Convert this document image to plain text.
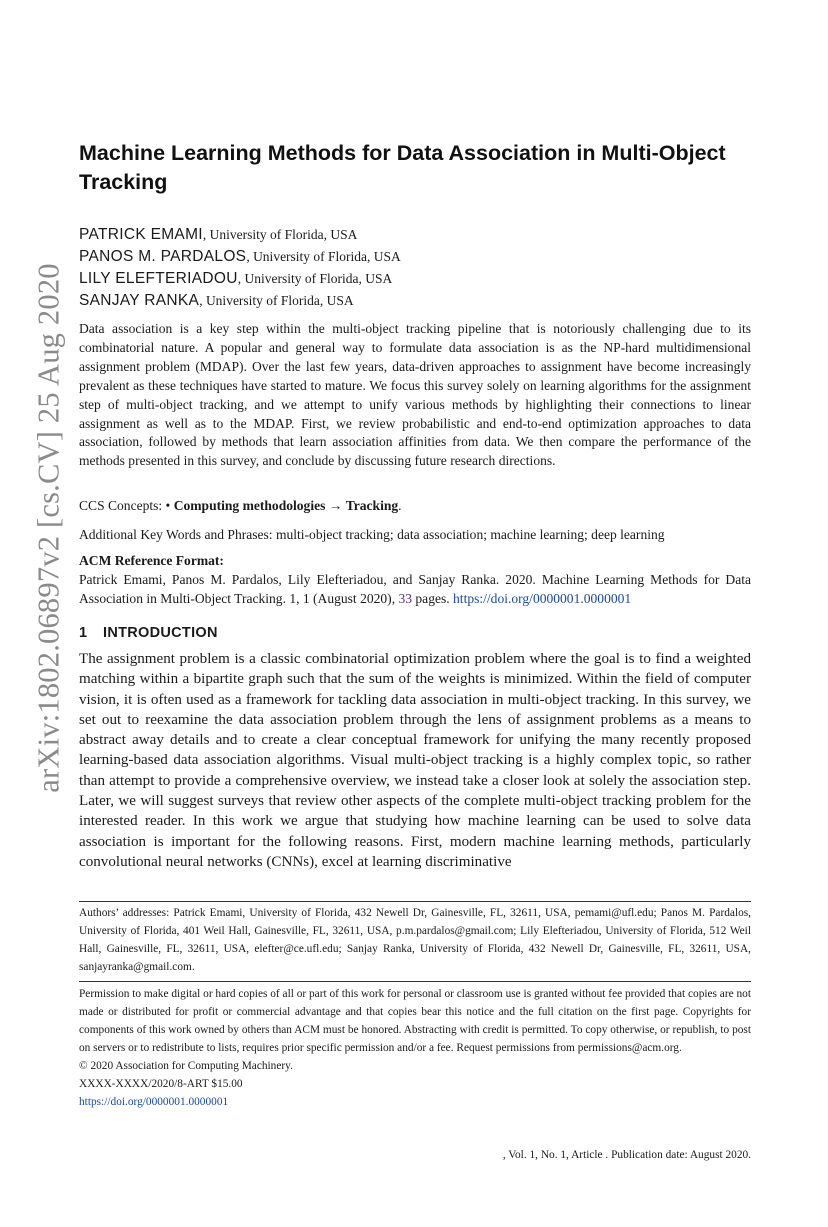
arXiv:1802.06897v2 [cs.CV] 25 Aug 2020
Machine Learning Methods for Data Association in Multi-Object Tracking
PATRICK EMAMI, University of Florida, USA
PANOS M. PARDALOS, University of Florida, USA
LILY ELEFTERIADOU, University of Florida, USA
SANJAY RANKA, University of Florida, USA

Data association is a key step within the multi-object tracking pipeline that is notoriously challenging due to its combinatorial nature. A popular and general way to formulate data association is as the NP-hard multidimensional assignment problem (MDAP). Over the last few years, data-driven approaches to assignment have become increasingly prevalent as these techniques have started to mature. We focus this survey solely on learning algorithms for the assignment step of multi-object tracking, and we attempt to unify various methods by highlighting their connections to linear assignment as well as to the MDAP. First, we review probabilistic and end-to-end optimization approaches to data association, followed by methods that learn association affinities from data. We then compare the performance of the methods presented in this survey, and conclude by discussing future research directions.

CCS Concepts: • Computing methodologies → Tracking.
Additional Key Words and Phrases: multi-object tracking; data association; machine learning; deep learning
ACM Reference Format:

Patrick Emami, Panos M. Pardalos, Lily Elefteriadou, and Sanjay Ranka. 2020. Machine Learning Methods for Data Association in Multi-Object Tracking. 1, 1 (August 2020), 33 pages. https://doi.org/0000001.0000001

1 INTRODUCTION

The assignment problem is a classic combinatorial optimization problem where the goal is to find a weighted matching within a bipartite graph such that the sum of the weights is minimized. Within the field of computer vision, it is often used as a framework for tackling data association in multi-object tracking. In this survey, we set out to reexamine the data association problem through the lens of assignment problems as a means to abstract away details and to create a clear conceptual framework for unifying the many recently proposed learning-based data association algorithms. Visual multi-object tracking is a highly complex topic, so rather than attempt to provide a comprehensive overview, we instead take a closer look at solely the association step. Later, we will suggest surveys that review other aspects of the complete multi-object tracking problem for the interested reader. In this work we argue that studying how machine learning can be used to solve data association is important for the following reasons. First, modern machine learning methods, particularly convolutional neural networks (CNNs), excel at learning discriminative

Authors’ addresses: Patrick Emami, University of Florida, 432 Newell Dr, Gainesville, FL, 32611, USA, pemami@ufl.edu; Panos M. Pardalos, University of Florida, 401 Weil Hall, Gainesville, FL, 32611, USA, p.m.pardalos@gmail.com; Lily Elefteriadou, University of Florida, 512 Weil Hall, Gainesville, FL, 32611, USA, elefter@ce.ufl.edu; Sanjay Ranka, University of Florida, 432 Newell Dr, Gainesville, FL, 32611, USA, sanjayranka@gmail.com.

Permission to make digital or hard copies of all or part of this work for personal or classroom use is granted without fee provided that copies are not made or distributed for profit or commercial advantage and that copies bear this notice and the full citation on the first page. Copyrights for components of this work owned by others than ACM must be honored. Abstracting with credit is permitted. To copy otherwise, or republish, to post on servers or to redistribute to lists, requires prior specific permission and/or a fee. Request permissions from permissions@acm.org.

© 2020 Association for Computing Machinery.

XXXX-XXXX/2020/8-ART $15.00

https://doi.org/0000001.0000001

, Vol. 1, No. 1, Article . Publication date: August 2020.
